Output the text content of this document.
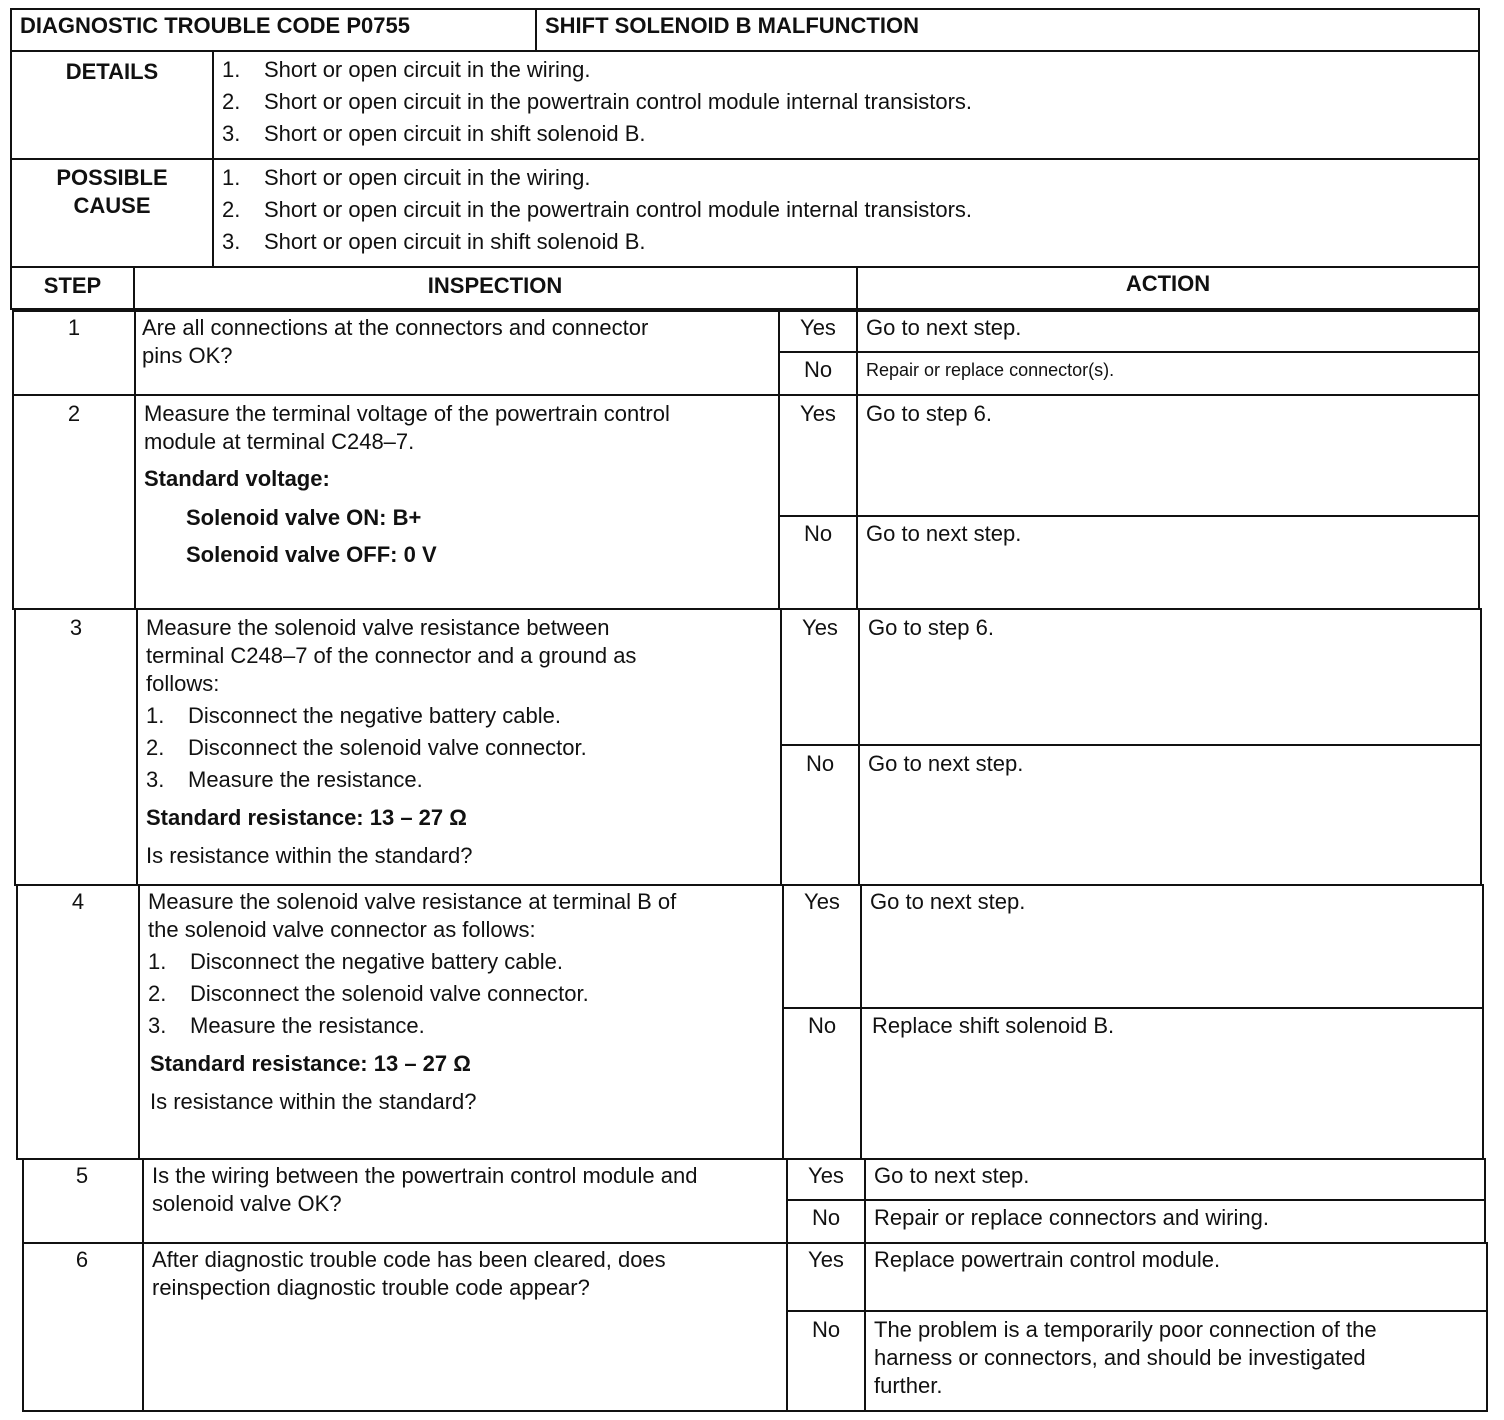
DIAGNOSTIC TROUBLE CODE P0755	SHIFT SOLENOID B MALFUNCTION
DETAILS	1. Short or open circuit in the wiring.
2. Short or open circuit in the powertrain control module internal transistors.
3. Short or open circuit in shift solenoid B.
POSSIBLE
CAUSE
1. Short or open circuit in the wiring.
2. Short or open circuit in the powertrain control module internal transistors.
3. Short or open circuit in shift solenoid B.
STEP	INSPECTION	ACTION
1	Are all connections at the connectors and connector
pins OK?
Yes	Go to next step.
No	Repair or replace connector(s).
2	Measure the terminal voltage of the powertrain control
module at terminal C248–7.
Standard voltage:
Solenoid valve ON: B+
Solenoid valve OFF: 0 V
Yes	Go to step 6.
No	Go to next step.
3	Measure the solenoid valve resistance between
terminal C248–7 of the connector and a ground as
follows:
1. Disconnect the negative battery cable.
2. Disconnect the solenoid valve connector.
3. Measure the resistance.
Standard resistance: 13 – 27 Ω
Is resistance within the standard?
Yes	Go to step 6.
No	Go to next step.
4	Measure the solenoid valve resistance at terminal B of
the solenoid valve connector as follows:
1. Disconnect the negative battery cable.
2. Disconnect the solenoid valve connector.
3. Measure the resistance.
Standard resistance: 13 – 27 Ω
Is resistance within the standard?
Yes	Go to next step.
No	Replace shift solenoid B.
5	Is the wiring between the powertrain control module and
solenoid valve OK?
Yes	Go to next step.
No	Repair or replace connectors and wiring.
6	After diagnostic trouble code has been cleared, does
reinspection diagnostic trouble code appear?
Yes	Replace powertrain control module.
No	The problem is a temporarily poor connection of the
harness or connectors, and should be investigated
further.
